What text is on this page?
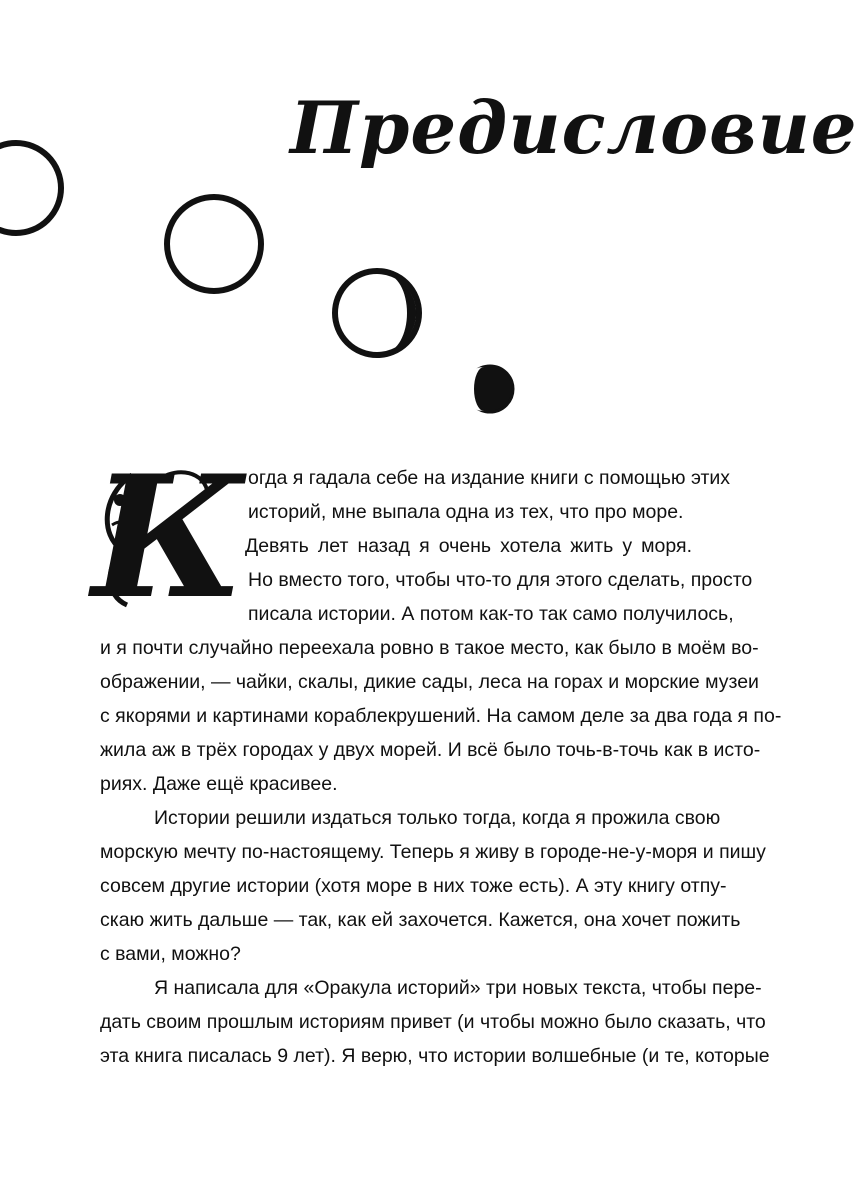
Предисловие
К огда я гадала себе на издание книги с помощью этих
историй, мне выпала одна из тех, что про море.
Девять лет назад я очень хотела жить у моря.
Но вместо того, чтобы что-то для этого сделать, просто
писала истории. А потом как-то так само получилось,
и я почти случайно переехала ровно в такое место, как было в моём во-
ображении, — чайки, скалы, дикие сады, леса на горах и морские музеи
с якорями и картинами кораблекрушений. На самом деле за два года я по-
жила аж в трёх городах у двух морей. И всё было точь-в-точь как в исто-
риях. Даже ещё красивее.
Истории решили издаться только тогда, когда я прожила свою
морскую мечту по-настоящему. Теперь я живу в городе-не-у-моря и пишу
совсем другие истории (хотя море в них тоже есть). А эту книгу отпу-
скаю жить дальше — так, как ей захочется. Кажется, она хочет пожить
с вами, можно?
Я написала для «Оракула историй» три новых текста, чтобы пере-
дать своим прошлым историям привет (и чтобы можно было сказать, что
эта книга писалась 9 лет). Я верю, что истории волшебные (и те, которые
